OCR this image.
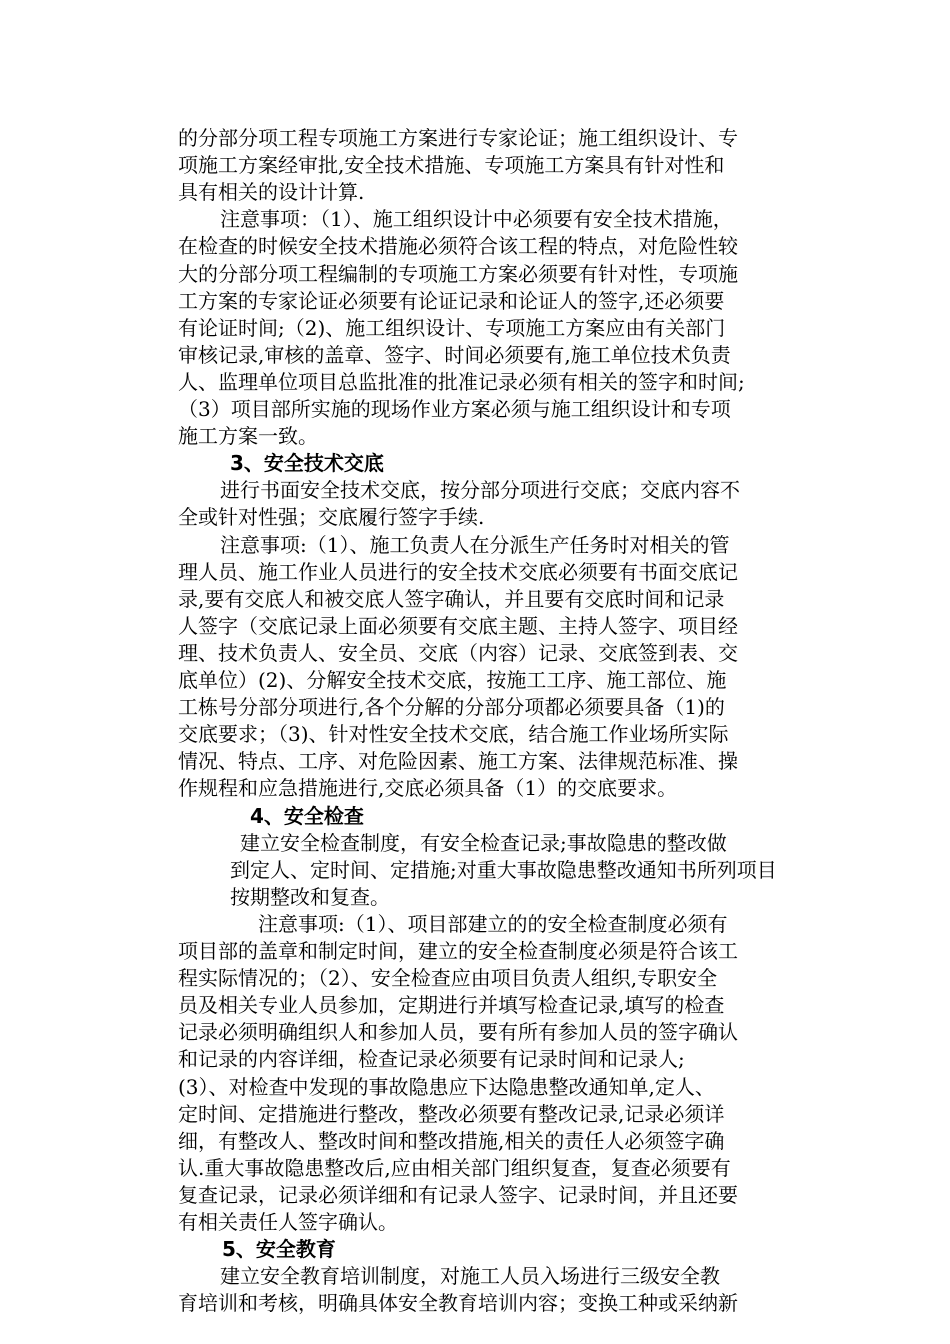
的分部分项工程专项施工方案进行专家论证；施工组织设计、专

项施工方案经审批,安全技术措施、专项施工方案具有针对性和

具有相关的设计计算.

注意事项：（1）、施工组织设计中必须要有安全技术措施，

在检查的时候安全技术措施必须符合该工程的特点，对危险性较

大的分部分项工程编制的专项施工方案必须要有针对性，专项施

工方案的专家论证必须要有论证记录和论证人的签字,还必须要

有论证时间;（2)、施工组织设计、专项施工方案应由有关部门

审核记录,审核的盖章、签字、时间必须要有,施工单位技术负责

人、监理单位项目总监批准的批准记录必须有相关的签字和时间;

（3）项目部所实施的现场作业方案必须与施工组织设计和专项

施工方案一致。

3、安全技术交底

进行书面安全技术交底，按分部分项进行交底；交底内容不

全或针对性强；交底履行签字手续.

注意事项:（1）、施工负责人在分派生产任务时对相关的管

理人员、施工作业人员进行的安全技术交底必须要有书面交底记

录,要有交底人和被交底人签字确认，并且要有交底时间和记录

人签字（交底记录上面必须要有交底主题、主持人签字、项目经

理、技术负责人、安全员、交底（内容）记录、交底签到表、交

底单位）(2)、分解安全技术交底，按施工工序、施工部位、施

工栋号分部分项进行,各个分解的分部分项都必须要具备（1)的

交底要求；（3)、针对性安全技术交底，结合施工作业场所实际

情况、特点、工序、对危险因素、施工方案、法律规范标准、操

作规程和应急措施进行,交底必须具备（1）的交底要求。

4、安全检查

建立安全检查制度，有安全检查记录;事故隐患的整改做

到定人、定时间、定措施;对重大事故隐患整改通知书所列项目

按期整改和复查。

注意事项:（1）、项目部建立的的安全检查制度必须有

项目部的盖章和制定时间，建立的安全检查制度必须是符合该工

程实际情况的；（2）、安全检查应由项目负责人组织,专职安全

员及相关专业人员参加，定期进行并填写检查记录,填写的检查

记录必须明确组织人和参加人员，要有所有参加人员的签字确认

和记录的内容详细，检查记录必须要有记录时间和记录人;

(3）、对检查中发现的事故隐患应下达隐患整改通知单,定人、

定时间、定措施进行整改，整改必须要有整改记录,记录必须详

细，有整改人、整改时间和整改措施,相关的责任人必须签字确

认.重大事故隐患整改后,应由相关部门组织复查，复查必须要有

复查记录，记录必须详细和有记录人签字、记录时间，并且还要

有相关责任人签字确认。

5、安全教育

建立安全教育培训制度，对施工人员入场进行三级安全教

育培训和考核，明确具体安全教育培训内容；变换工种或采纳新
